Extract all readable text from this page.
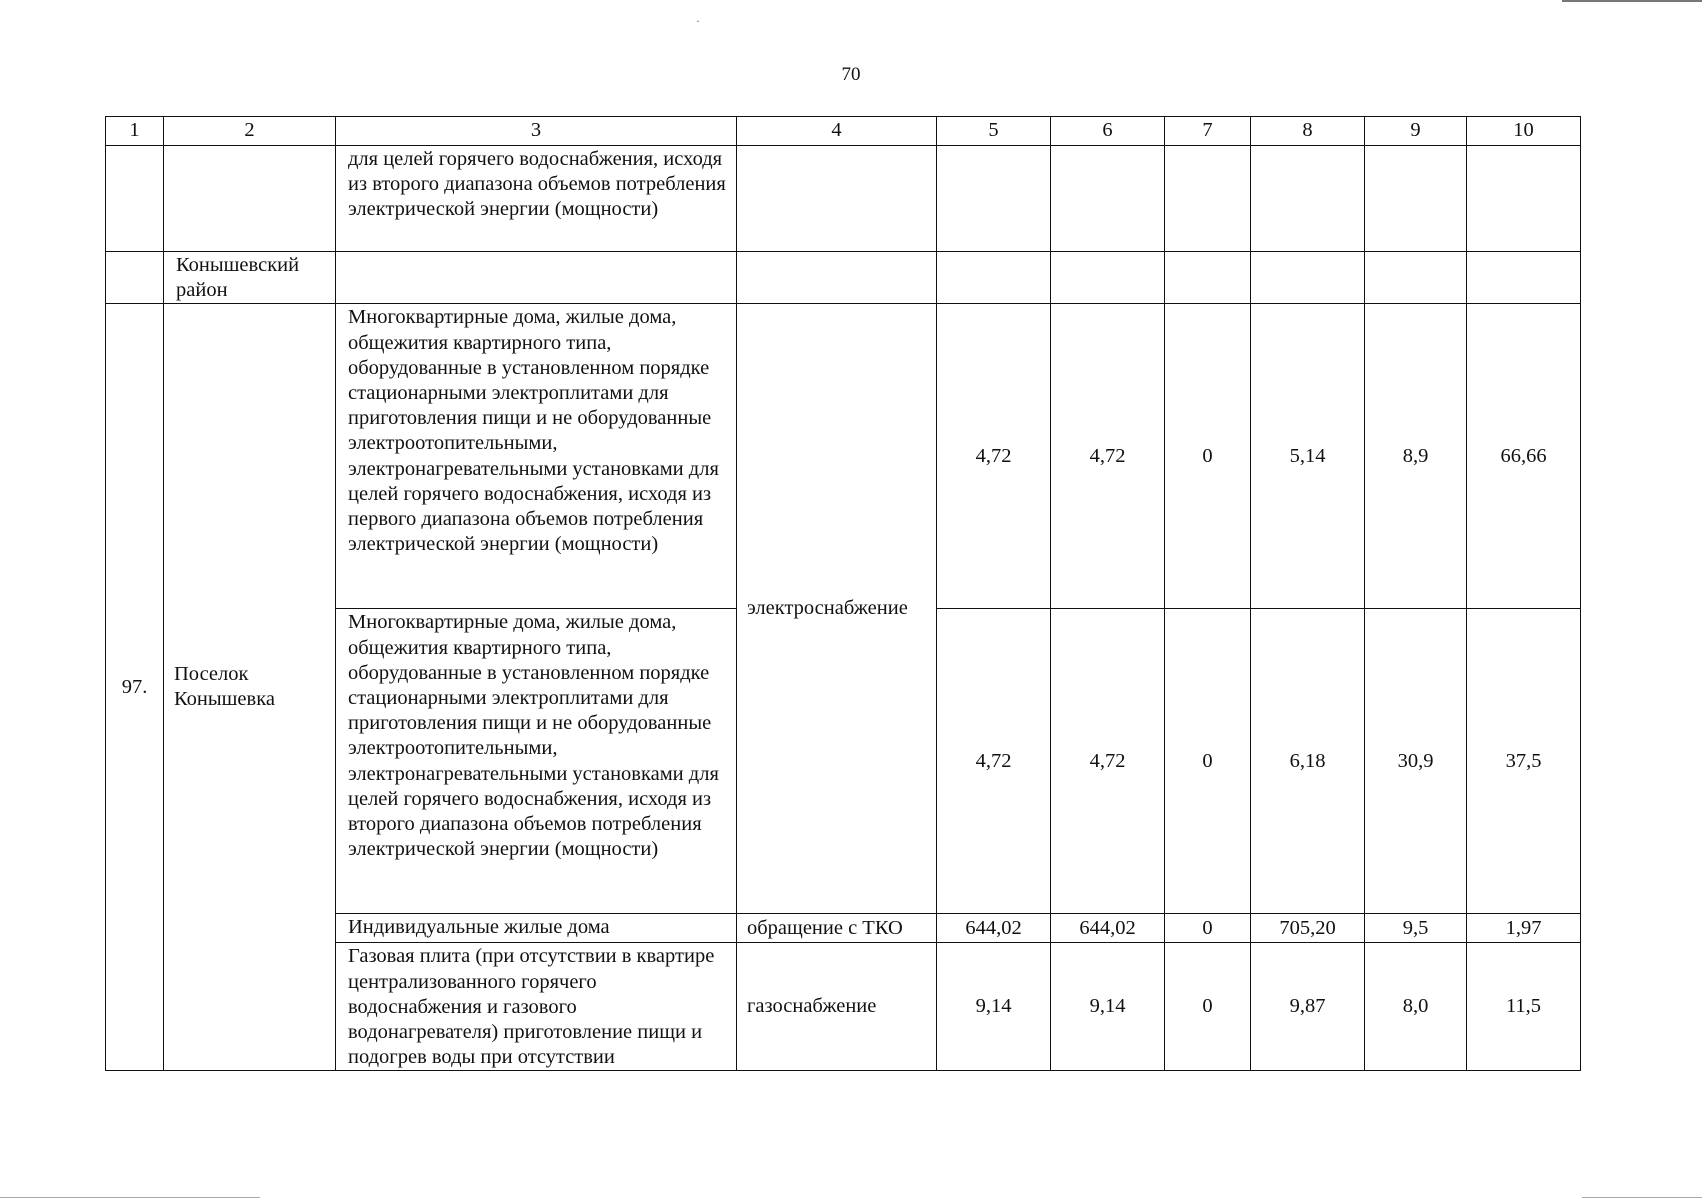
·
70
1	2	3	4	5	6	7	8	9	10
		для целей горячего водоснабжения, исходя из второго диапазона объемов потребления электрической энергии (мощности)							
	Конышевский район								
97.	Поселок Конышевка	Многоквартирные дома, жилые дома, общежития квартирного типа, оборудованные в установленном порядке стационарными электроплитами для приготовления пищи и не оборудованные электроотопительными, электронагревательными установками для целей горячего водоснабжения, исходя из первого диапазона объемов потребления электрической энергии (мощности)	электроснабжение	4,72	4,72	0	5,14	8,9	66,66
		Многоквартирные дома, жилые дома, общежития квартирного типа, оборудованные в установленном порядке стационарными электроплитами для приготовления пищи и не оборудованные электроотопительными, электронагревательными установками для целей горячего водоснабжения, исходя из второго диапазона объемов потребления электрической энергии (мощности)		4,72	4,72	0	6,18	30,9	37,5
		Индивидуальные жилые дома	обращение с ТКО	644,02	644,02	0	705,20	9,5	1,97
		Газовая плита (при отсутствии в квартире централизованного горячего водоснабжения и газового водонагревателя) приготовление пищи и подогрев воды при отсутствии	газоснабжение	9,14	9,14	0	9,87	8,0	11,5
